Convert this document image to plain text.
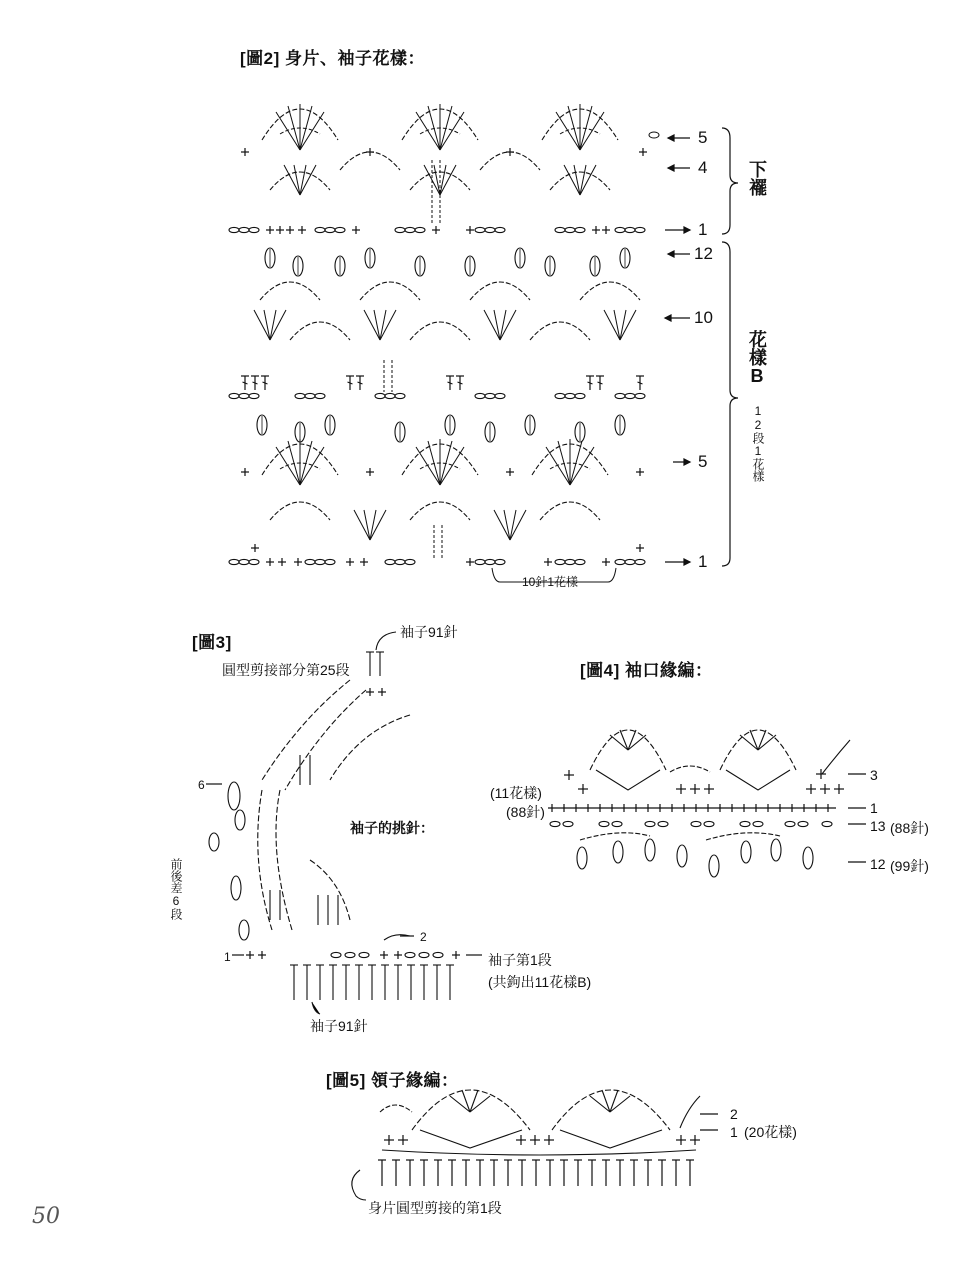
[圖2] 身片、袖子花樣：
5
4
1
下襬
12
10
5
1
花樣B
12段1花樣
10針1花樣
[圖3]
袖子91針
圓型剪接部分第25段
袖子的挑針：
前後差6段
6
2
1	袖子第1段
(共鉤出11花樣B)
袖子91針
[圖4] 袖口緣編：
(11花樣)
(88針)
3
1
13 (88針)
12 (99針)
[圖5] 領子緣編：
2
1 (20花樣)
身片圓型剪接的第1段
50
